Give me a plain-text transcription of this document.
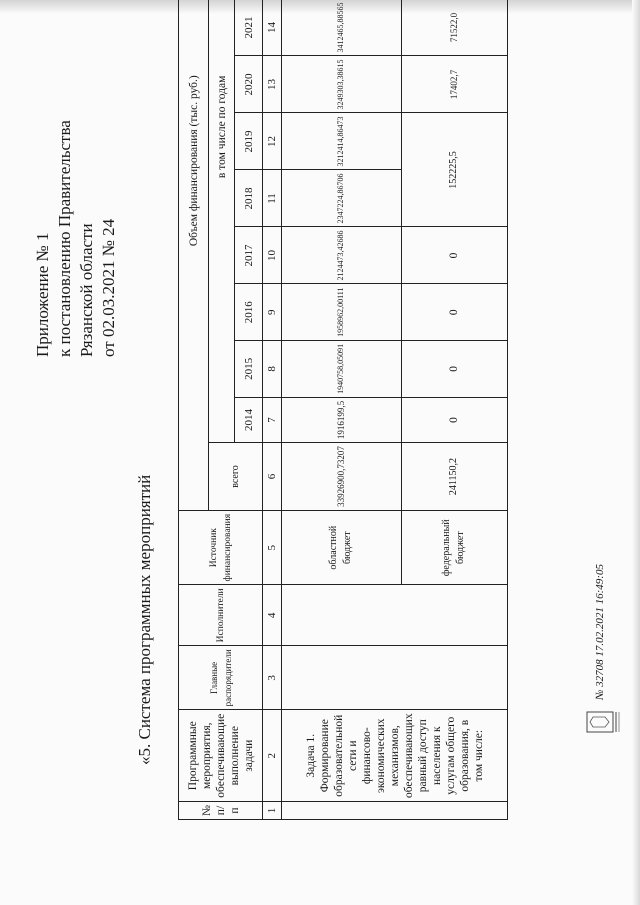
Приложение № 1 к постановлению Правительства Рязанской области от 02.03.2021 № 24
«5. Система программных мероприятий
№ п/п	Программные мероприятия, обеспечивающие выполнение задачи	Главные распорядители	Исполнители	Источник финансирования	Объем финансирования (тыс. руб.)	
					всего	в том числе по годам												
						2014	2015	2016	2017	2018	2019	2020	2021				
1	2	3	4	5	6	7	8	9	10	11	12	13	14					
	Задача 1. Формирование образовательной сети и финансово-экономических механизмов, обеспечивающих равный доступ населения к услугам общего образования, в том числе:			областной бюджет	33926900,73207	1916199,5	1940758,05091	1958962,00111	2124473,42686	2347224,86706	3212414,86473	3249303,38615	3412465,88565					
				федеральный бюджет	241150,2	0	0	0	0	152225,5		17402,7	71522,0				
№ 32708 17.02.2021 16:49:05
